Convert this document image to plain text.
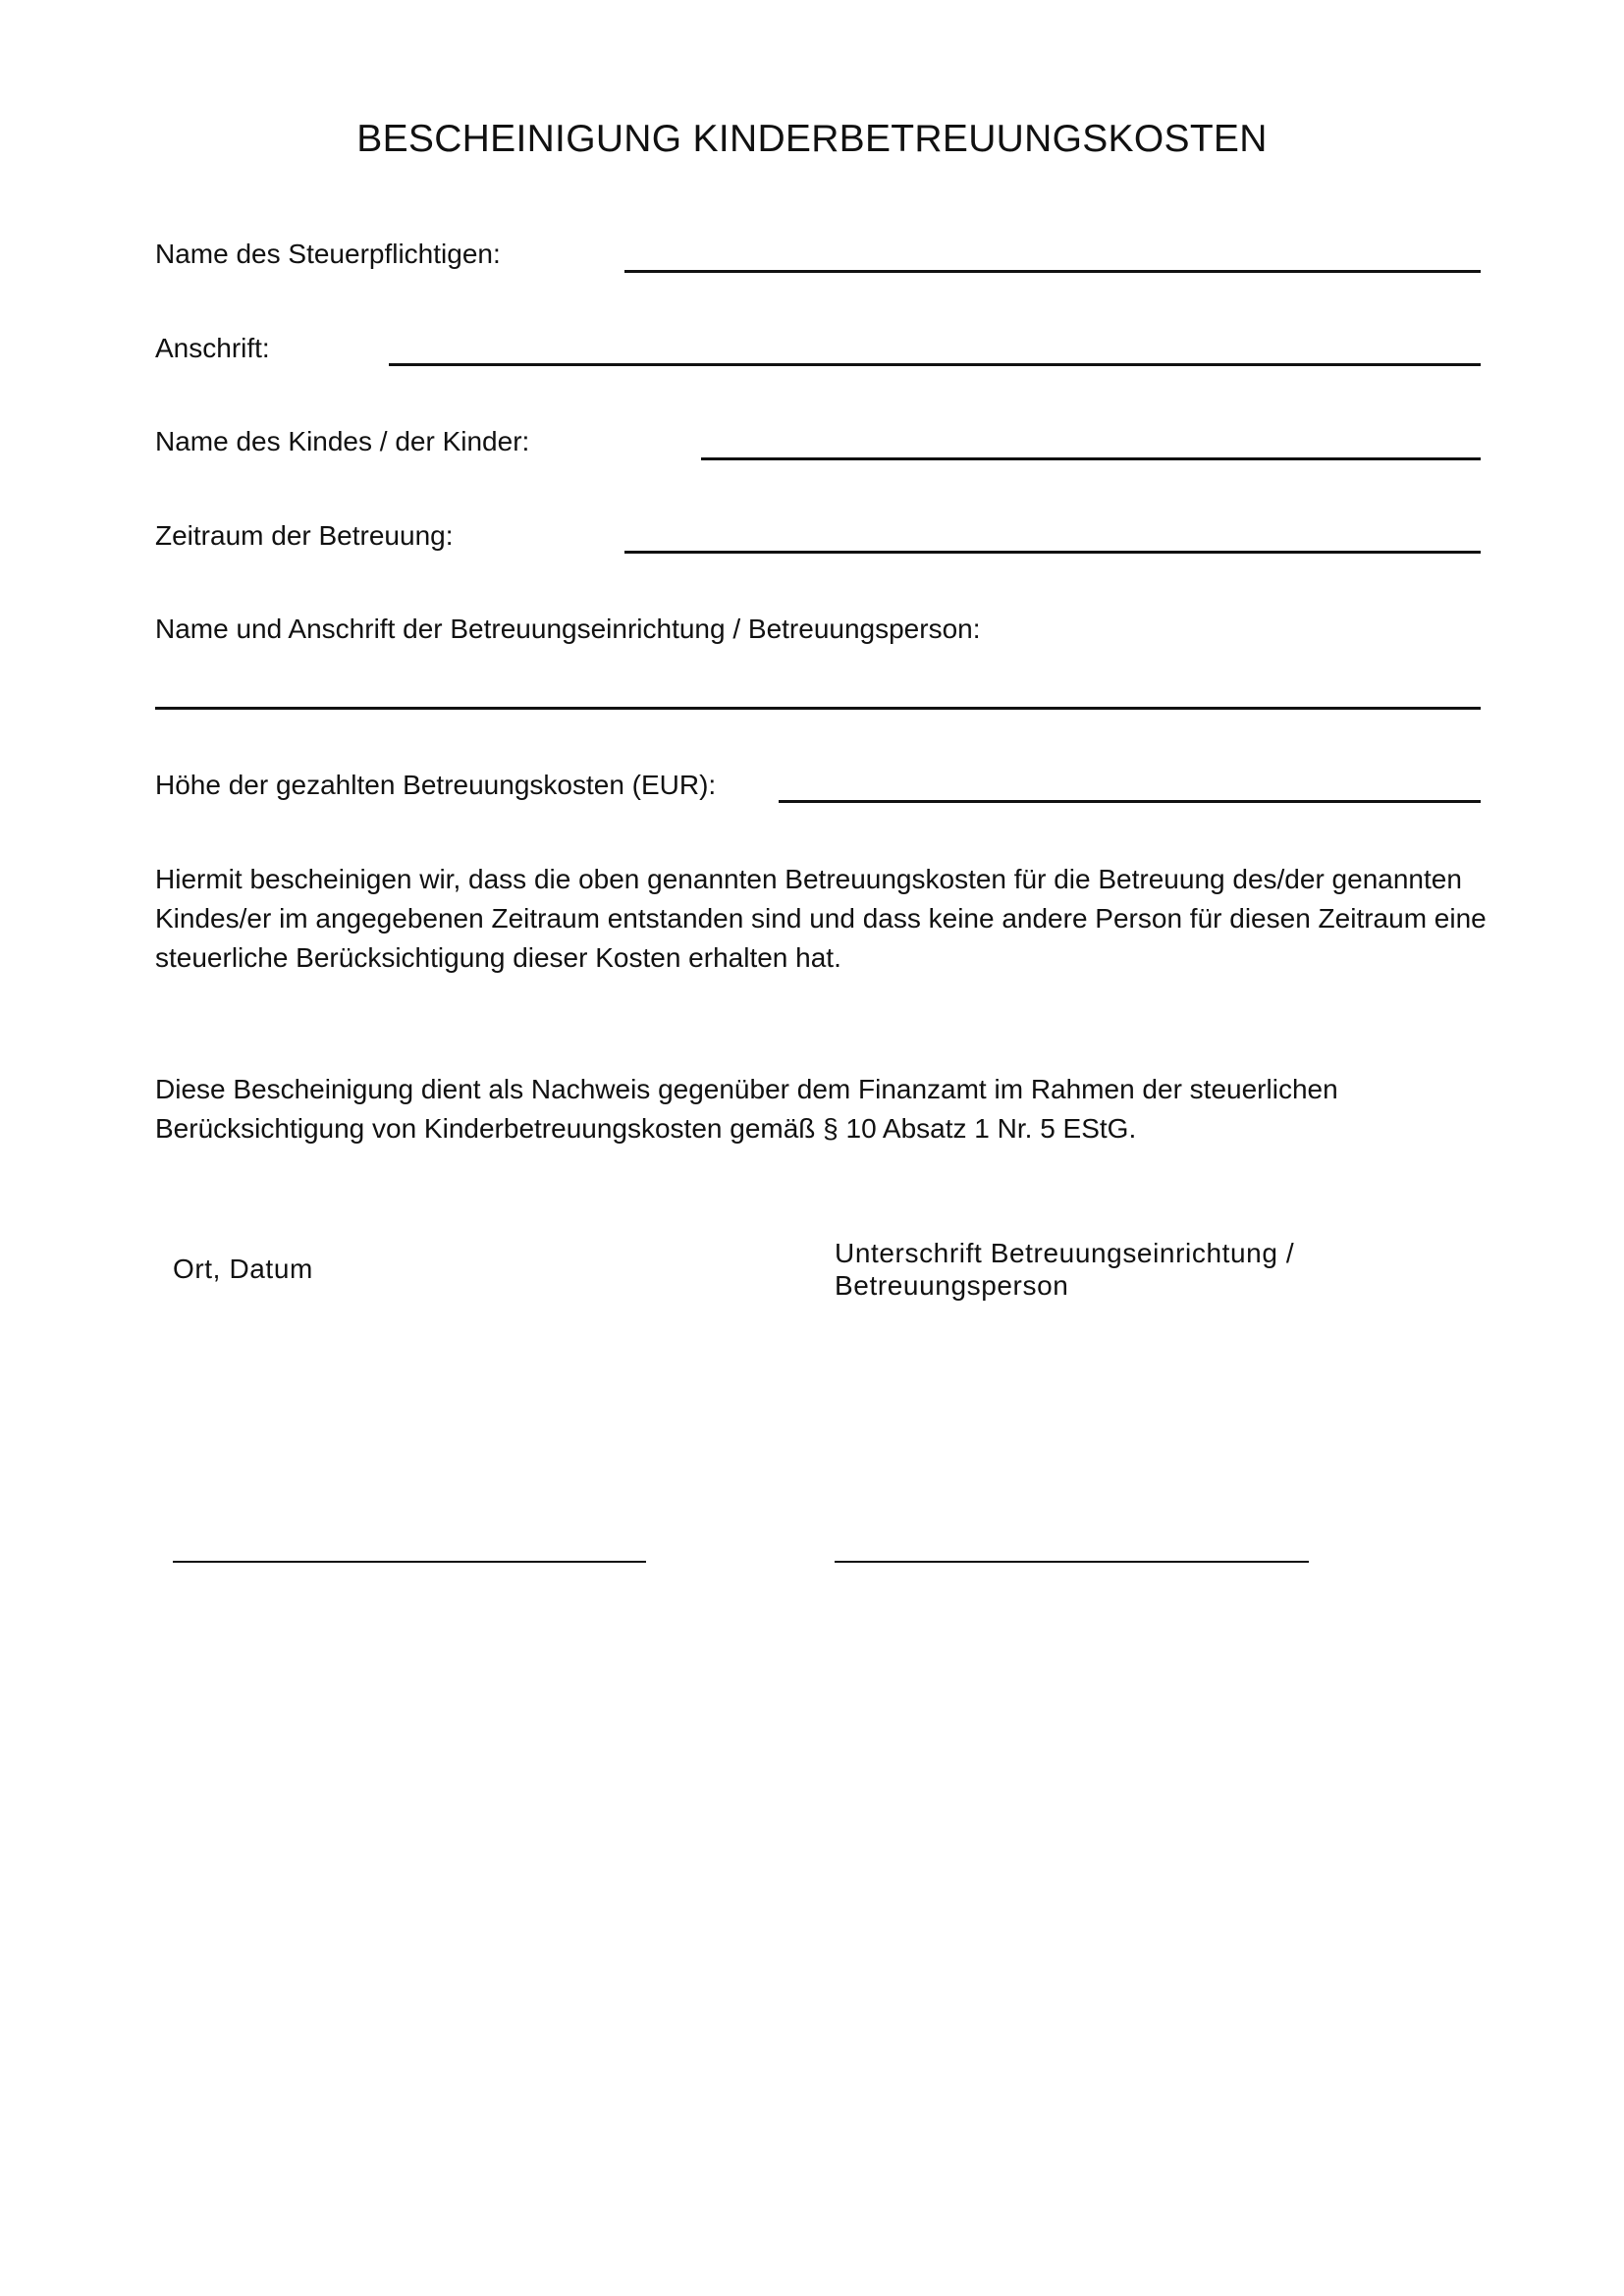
BESCHEINIGUNG KINDERBETREUUNGSKOSTEN
Name des Steuerpflichtigen:
Anschrift:
Name des Kindes / der Kinder:
Zeitraum der Betreuung:
Name und Anschrift der Betreuungseinrichtung / Betreuungsperson:
Höhe der gezahlten Betreuungskosten (EUR):

Hiermit bescheinigen wir, dass die oben genannten Betreuungskosten für die Betreuung des/der genannten Kindes/er im angegebenen Zeitraum entstanden sind und dass keine andere Person für diesen Zeitraum eine steuerliche Berücksichtigung dieser Kosten erhalten hat.

Diese Bescheinigung dient als Nachweis gegenüber dem Finanzamt im Rahmen der steuerlichen Berücksichtigung von Kinderbetreuungskosten gemäß § 10 Absatz 1 Nr. 5 EStG.

Ort, Datum
Unterschrift Betreuungseinrichtung /
Betreuungsperson
